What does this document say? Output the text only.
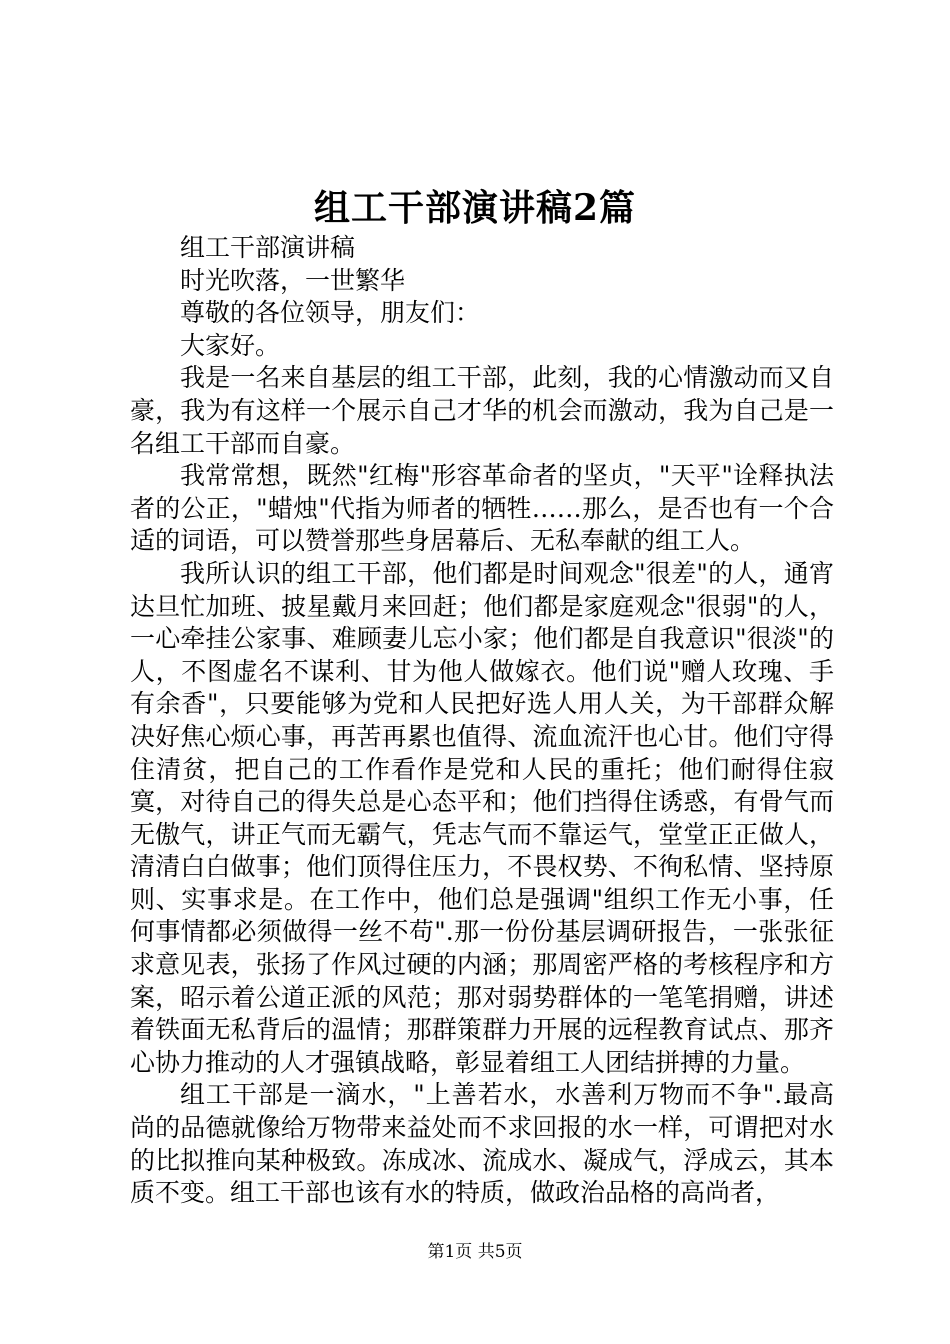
组工干部演讲稿2篇

组工干部演讲稿

时光吹落，一世繁华

尊敬的各位领导，朋友们：

大家好。

我是一名来自基层的组工干部，此刻，我的心情激动而又自豪，我为有这样一个展示自己才华的机会而激动，我为自己是一名组工干部而自豪。

我常常想，既然"红梅"形容革命者的坚贞，"天平"诠释执法者的公正，"蜡烛"代指为师者的牺牲……那么，是否也有一个合适的词语，可以赞誉那些身居幕后、无私奉献的组工人。

我所认识的组工干部，他们都是时间观念"很差"的人，通宵达旦忙加班、披星戴月来回赶；他们都是家庭观念"很弱"的人，一心牵挂公家事、难顾妻儿忘小家；他们都是自我意识"很淡"的人，不图虚名不谋利、甘为他人做嫁衣。他们说"赠人玫瑰、手有余香"，只要能够为党和人民把好选人用人关，为干部群众解决好焦心烦心事，再苦再累也值得、流血流汗也心甘。他们守得住清贫，把自己的工作看作是党和人民的重托；他们耐得住寂寞，对待自己的得失总是心态平和；他们挡得住诱惑，有骨气而无傲气，讲正气而无霸气，凭志气而不靠运气，堂堂正正做人，清清白白做事；他们顶得住压力，不畏权势、不徇私情、坚持原则、实事求是。在工作中，他们总是强调"组织工作无小事，任何事情都必须做得一丝不苟".那一份份基层调研报告，一张张征求意见表，张扬了作风过硬的内涵；那周密严格的考核程序和方案，昭示着公道正派的风范；那对弱势群体的一笔笔捐赠，讲述着铁面无私背后的温情；那群策群力开展的远程教育试点、那齐心协力推动的人才强镇战略，彰显着组工人团结拼搏的力量。

组工干部是一滴水，"上善若水，水善利万物而不争".最高尚的品德就像给万物带来益处而不求回报的水一样，可谓把对水的比拟推向某种极致。冻成冰、流成水、凝成气，浮成云，其本质不变。组工干部也该有水的特质，做政治品格的高尚者，

第1页 共5页
